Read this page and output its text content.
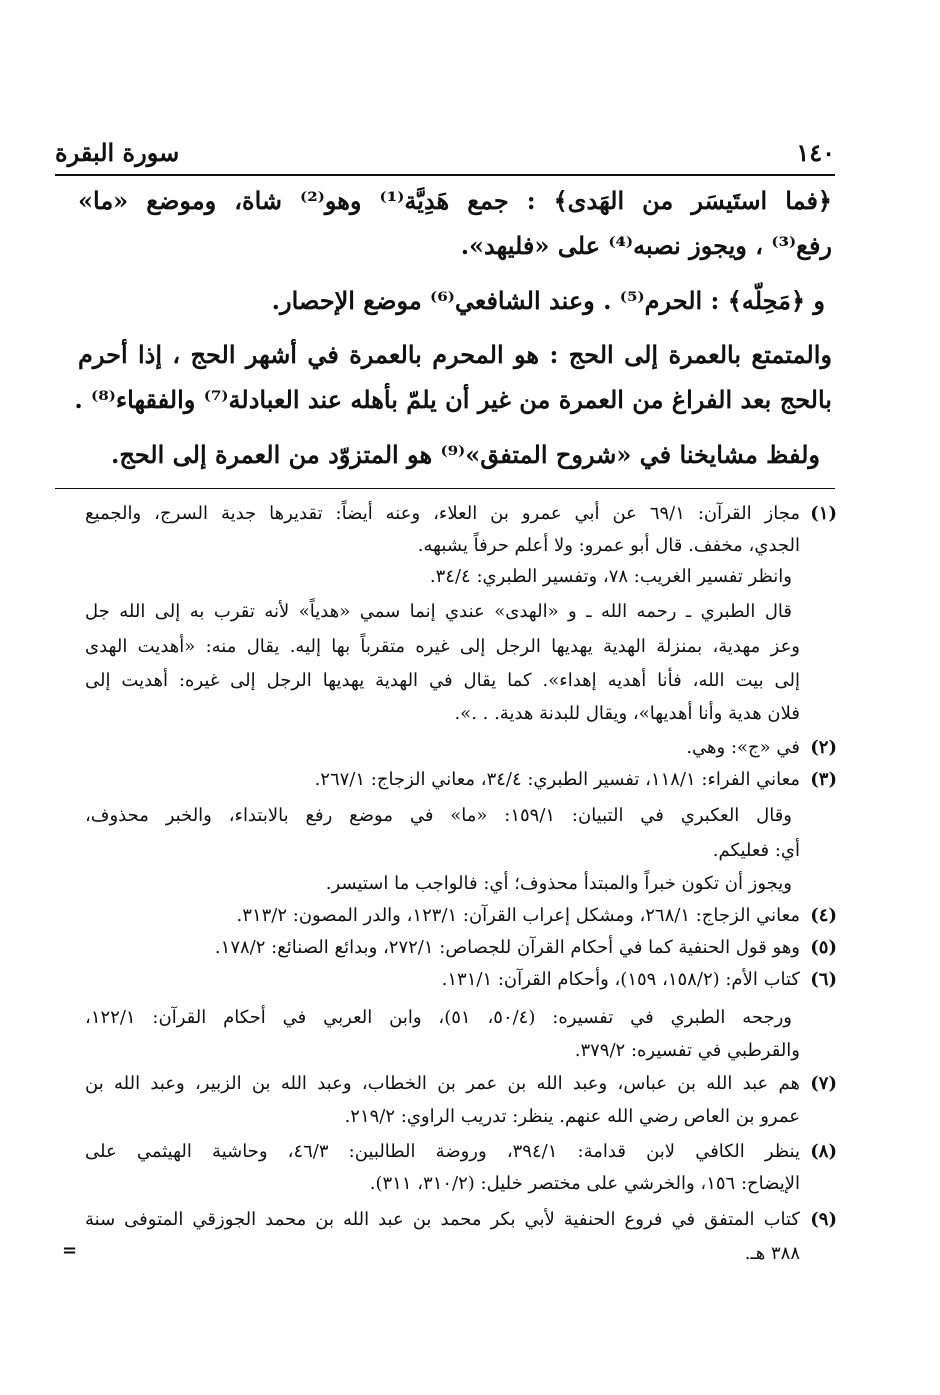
١٤٠
سورة البقرة
﴿فما استَيسَر من الهَدى﴾ : جمع هَدِيَّة⁽¹⁾ وهو⁽²⁾ شاة، وموضع «ما»
رفع⁽³⁾ ، ويجوز نصبه⁽⁴⁾ على «فليهد».
و ﴿مَحِلّه﴾ : الحرم⁽⁵⁾ . وعند الشافعي⁽⁶⁾ موضع الإحصار.
والمتمتع بالعمرة إلى الحج : هو المحرم بالعمرة في أشهر الحج ، إذا أحرم
بالحج بعد الفراغ من العمرة من غير أن يلمّ بأهله عند العبادلة⁽⁷⁾ والفقهاء⁽⁸⁾ .
ولفظ مشايخنا في «شروح المتفق»⁽⁹⁾ هو المتزوّد من العمرة إلى الحج.
(١)
مجاز القرآن: ٦٩/١ عن أبي عمرو بن العلاء، وعنه أيضاً: تقديرها جدية السرج، والجميع
الجدي، مخفف. قال أبو عمرو: ولا أعلم حرفاً يشبهه.
وانظر تفسير الغريب: ٧٨، وتفسير الطبري: ٣٤/٤.
قال الطبري ـ رحمه الله ـ و «الهدى» عندي إنما سمي «هدياً» لأنه تقرب به إلى الله جل
وعز مهدية، بمنزلة الهدية يهديها الرجل إلى غيره متقرباً بها إليه. يقال منه: «أهديت الهدى
إلى بيت الله، فأنا أهديه إهداء». كما يقال في الهدية يهديها الرجل إلى غيره: أهديت إلى
فلان هدية وأنا أهديها»، ويقال للبدنة هدية. . .».
(٢)
في «ج»: وهي.
(٣)
معاني الفراء: ١١٨/١، تفسير الطبري: ٣٤/٤، معاني الزجاج: ٢٦٧/١.
وقال العكبري في التبيان: ١٥٩/١: «ما» في موضع رفع بالابتداء، والخبر محذوف،
أي: فعليكم.
ويجوز أن تكون خبراً والمبتدأ محذوف؛ أي: فالواجب ما استيسر.
(٤)
معاني الزجاج: ٢٦٨/١، ومشكل إعراب القرآن: ١٢٣/١، والدر المصون: ٣١٣/٢.
(٥)
وهو قول الحنفية كما في أحكام القرآن للجصاص: ٢٧٢/١، وبدائع الصنائع: ١٧٨/٢.
(٦)
كتاب الأم: (١٥٨/٢، ١٥٩)، وأحكام القرآن: ١٣١/١.
ورجحه الطبري في تفسيره: (٥٠/٤، ٥١)، وابن العربي في أحكام القرآن: ١٢٢/١،
والقرطبي في تفسيره: ٣٧٩/٢.
(٧)
هم عبد الله بن عباس، وعبد الله بن عمر بن الخطاب، وعبد الله بن الزبير، وعبد الله بن
عمرو بن العاص رضي الله عنهم. ينظر: تدريب الراوي: ٢١٩/٢.
(٨)
ينظر الكافي لابن قدامة: ٣٩٤/١، وروضة الطالبين: ٤٦/٣، وحاشية الهيثمي على
الإيضاح: ١٥٦، والخرشي على مختصر خليل: (٣١٠/٢، ٣١١).
(٩)
كتاب المتفق في فروع الحنفية لأبي بكر محمد بن عبد الله بن محمد الجوزقي المتوفى سنة
٣٨٨ هـ.
=
